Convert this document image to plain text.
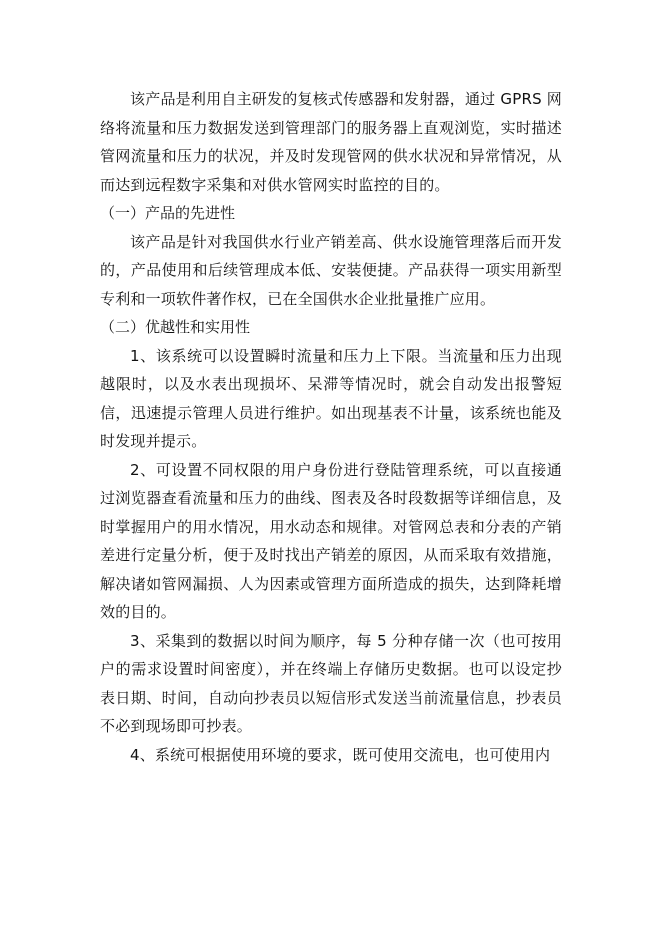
该产品是利用自主研发的复核式传感器和发射器，通过 GPRS 网络将流量和压力数据发送到管理部门的服务器上直观浏览，实时描述管网流量和压力的状况，并及时发现管网的供水状况和异常情况，从而达到远程数字采集和对供水管网实时监控的目的。

（一）产品的先进性

该产品是针对我国供水行业产销差高、供水设施管理落后而开发的，产品使用和后续管理成本低、安装便捷。产品获得一项实用新型专利和一项软件著作权，已在全国供水企业批量推广应用。

（二）优越性和实用性

1、该系统可以设置瞬时流量和压力上下限。当流量和压力出现越限时，以及水表出现损坏、呆滞等情况时，就会自动发出报警短信，迅速提示管理人员进行维护。如出现基表不计量，该系统也能及时发现并提示。

2、可设置不同权限的用户身份进行登陆管理系统，可以直接通过浏览器查看流量和压力的曲线、图表及各时段数据等详细信息，及时掌握用户的用水情况，用水动态和规律。对管网总表和分表的产销差进行定量分析，便于及时找出产销差的原因，从而采取有效措施，解决诸如管网漏损、人为因素或管理方面所造成的损失，达到降耗增效的目的。

3、采集到的数据以时间为顺序，每 5 分种存储一次（也可按用户的需求设置时间密度），并在终端上存储历史数据。也可以设定抄表日期、时间，自动向抄表员以短信形式发送当前流量信息，抄表员不必到现场即可抄表。

4、系统可根据使用环境的要求，既可使用交流电，也可使用内
